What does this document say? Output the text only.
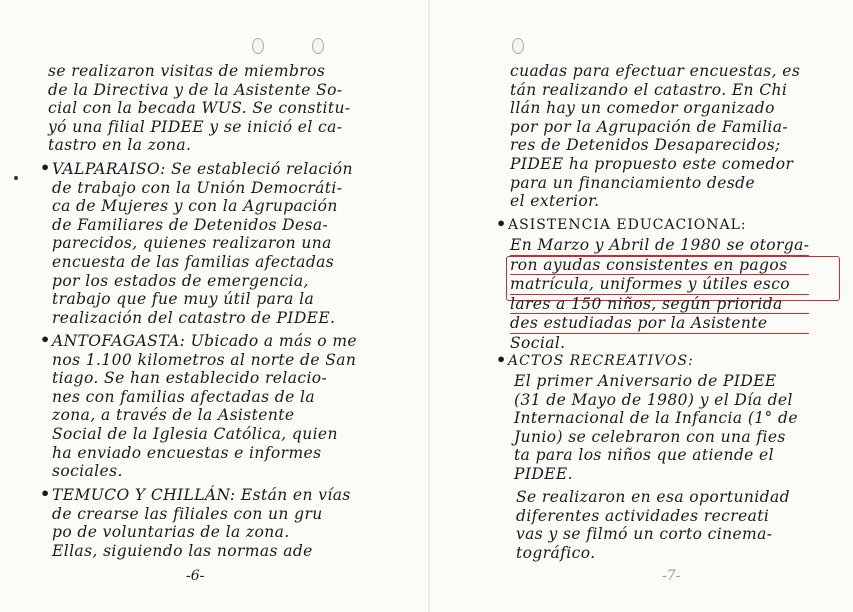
se realizaron visitas de miembros
de la Directiva y de la Asistente So-
cial con la becada WUS. Se constitu-
yó una filial PIDEE y se inició el ca-
tastro en la zona.
• VALPARAISO: Se estableció relación
de trabajo con la Unión Democráti-
ca de Mujeres y con la Agrupación
de Familiares de Detenidos Desa-
parecidos, quienes realizaron una
encuesta de las familias afectadas
por los estados de emergencia,
trabajo que fue muy útil para la
realización del catastro de PIDEE.
• ANTOFAGASTA: Ubicado a más o me
nos 1.100 kilometros al norte de San
tiago. Se han establecido relacio-
nes con familias afectadas de la
zona, a través de la Asistente
Social de la Iglesia Católica, quien
ha enviado encuestas e informes
sociales.
• TEMUCO Y CHILLÁN: Están en vías
de crearse las filiales con un gru
po de voluntarias de la zona.
Ellas, siguiendo las normas ade
-6-
cuadas para efectuar encuestas, es
tán realizando el catastro. En Chi
llán hay un comedor organizado
por por la Agrupación de Familia-
res de Detenidos Desaparecidos;
PIDEE ha propuesto este comedor
para un financiamiento desde
el exterior.
• ASISTENCIA EDUCACIONAL:
En Marzo y Abril de 1980 se otorga-
ron ayudas consistentes en pagos
matrícula, uniformes y útiles esco
lares a 150 niños, según priorida
des estudiadas por la Asistente
Social.
• ACTOS RECREATIVOS:
El primer Aniversario de PIDEE
(31 de Mayo de 1980) y el Día del
Internacional de la Infancia (1° de
Junio) se celebraron con una fies
ta para los niños que atiende el
PIDEE.
Se realizaron en esa oportunidad
diferentes actividades recreati
vas y se filmó un corto cinema-
tográfico.
-7-
